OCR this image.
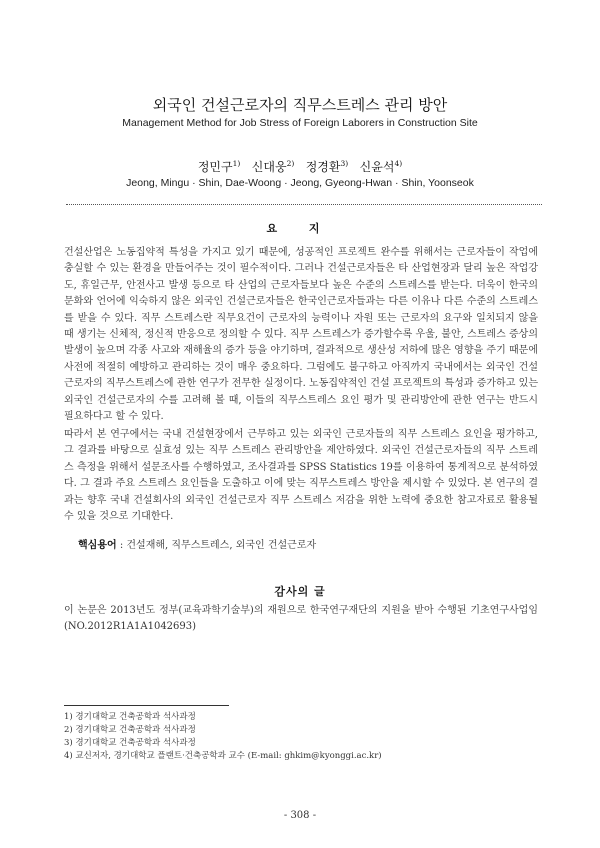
외국인 건설근로자의 직무스트레스 관리 방안
Management Method for Job Stress of Foreign Laborers in Construction Site
정민구$^{1)}$ 신대웅$^{2)}$ 정경환$^{3)}$ 신윤석$^{4)}$
Jeong, Mingu · Shin, Dae-Woong · Jeong, Gyeong-Hwan · Shin, Yoonseok
요 지

건설산업은 노동집약적 특성을 가지고 있기 때문에, 성공적인 프로젝트 완수를 위해서는 근로자들이 작업에 충실할 수 있는 환경을 만들어주는 것이 필수적이다. 그러나 건설근로자들은 타 산업현장과 달리 높은 작업강도, 휴일근무, 안전사고 발생 등으로 타 산업의 근로자들보다 높은 수준의 스트레스를 받는다. 더욱이 한국의 문화와 언어에 익숙하지 않은 외국인 건설근로자들은 한국인근로자들과는 다른 이유나 다른 수준의 스트레스를 받을 수 있다. 직무 스트레스란 직무요건이 근로자의 능력이나 자원 또는 근로자의 요구와 일치되지 않을 때 생기는 신체적, 정신적 반응으로 정의할 수 있다. 직무 스트레스가 증가할수록 우울, 불안, 스트레스 증상의 발생이 높으며 각종 사고와 재해율의 증가 등을 야기하며, 결과적으로 생산성 저하에 많은 영향을 주기 때문에 사전에 적절히 예방하고 관리하는 것이 매우 중요하다. 그럼에도 불구하고 아직까지 국내에서는 외국인 건설근로자의 직무스트레스에 관한 연구가 전무한 실정이다. 노동집약적인 건설 프로젝트의 특성과 증가하고 있는 외국인 건설근로자의 수를 고려해 볼 때, 이들의 직무스트레스 요인 평가 및 관리방안에 관한 연구는 반드시 필요하다고 할 수 있다.

따라서 본 연구에서는 국내 건설현장에서 근무하고 있는 외국인 근로자들의 직무 스트레스 요인을 평가하고, 그 결과를 바탕으로 실효성 있는 직무 스트레스 관리방안을 제안하였다. 외국인 건설근로자들의 직무 스트레스 측정을 위해서 설문조사를 수행하였고, 조사결과를 SPSS Statistics 19를 이용하여 통계적으로 분석하였다. 그 결과 주요 스트레스 요인들을 도출하고 이에 맞는 직무스트레스 방안을 제시할 수 있었다. 본 연구의 결과는 향후 국내 건설회사의 외국인 건설근로자 직무 스트레스 저감을 위한 노력에 중요한 참고자료로 활용될 수 있을 것으로 기대한다.

핵심용어 : 건설재해, 직무스트레스, 외국인 건설근로자
감사의 글

이 논문은 2013년도 정부(교육과학기술부)의 재원으로 한국연구재단의 지원을 받아 수행된 기초연구사업임(NO.2012R1A1A1042693)

1) 경기대학교 건축공학과 석사과정
2) 경기대학교 건축공학과 석사과정
3) 경기대학교 건축공학과 석사과정
4) 교신저자, 경기대학교 플랜트·건축공학과 교수 (E-mail: ghkim@kyonggi.ac.kr)
- 308 -
